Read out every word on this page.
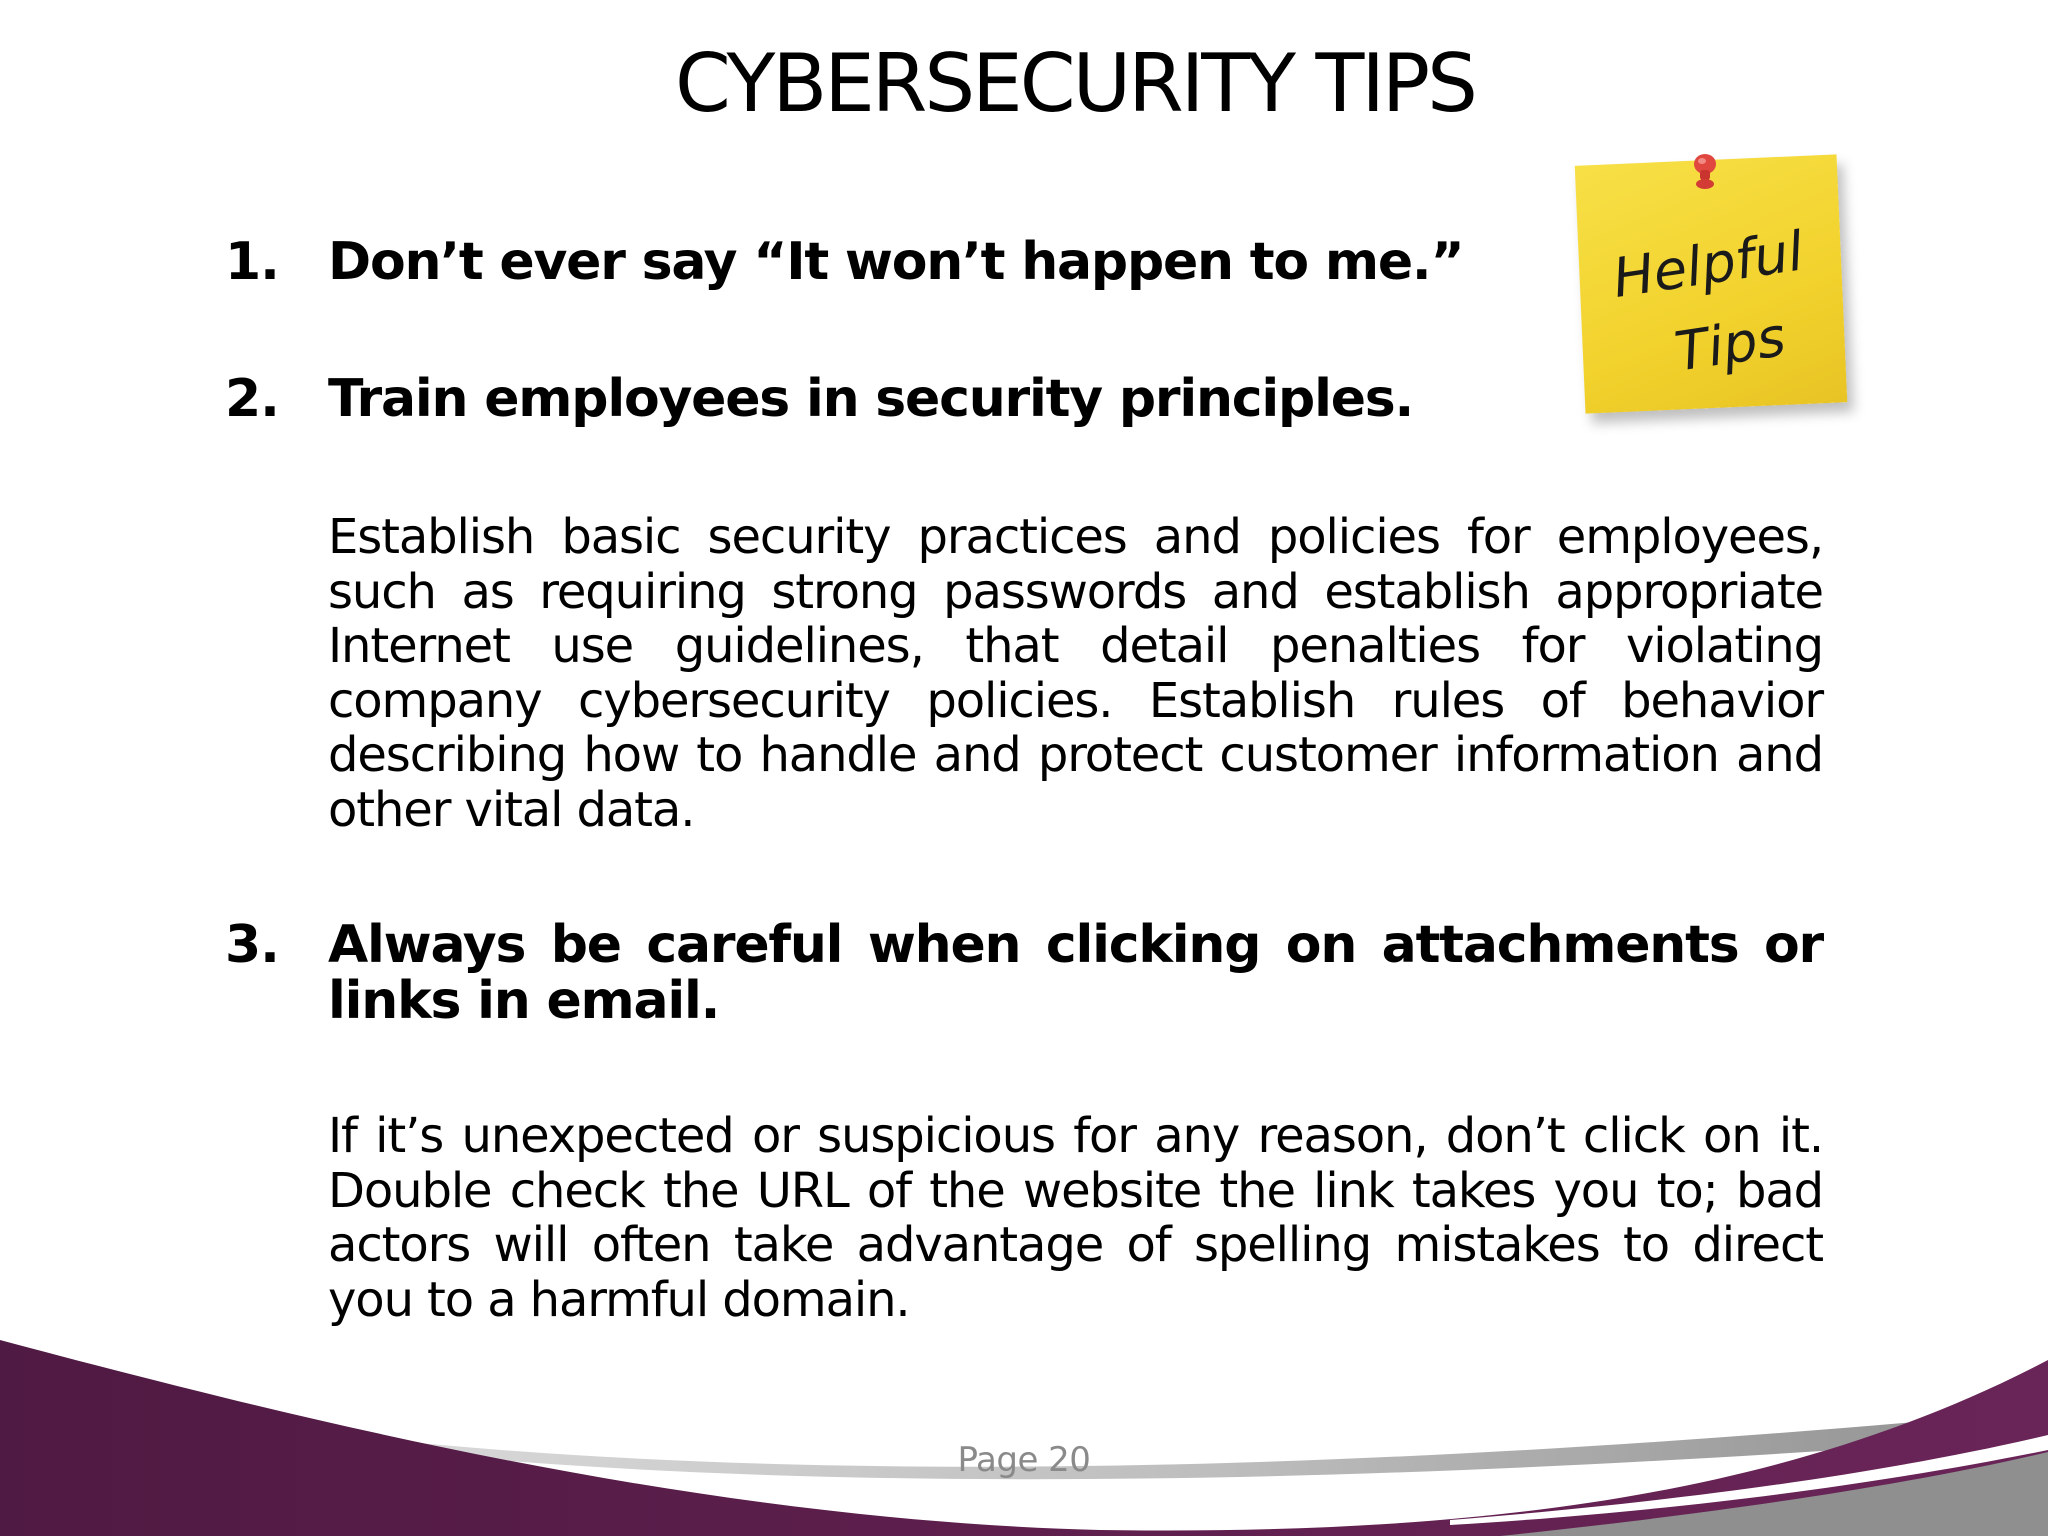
CYBERSECURITY TIPS
Helpful
Tips
1. Don’t ever say “It won’t happen to me.”
2. Train employees in security principles.
Establish basic security practices and policies for employees, such as requiring strong passwords and establish appropriate Internet use guidelines, that detail penalties for violating company cybersecurity policies. Establish rules of behavior describing how to handle and protect customer information and other vital data.
3. Always be careful when clicking on attachments or links in email.
If it’s unexpected or suspicious for any reason, don’t click on it. Double check the URL of the website the link takes you to; bad actors will often take advantage of spelling mistakes to direct you to a harmful domain.
Page 20
